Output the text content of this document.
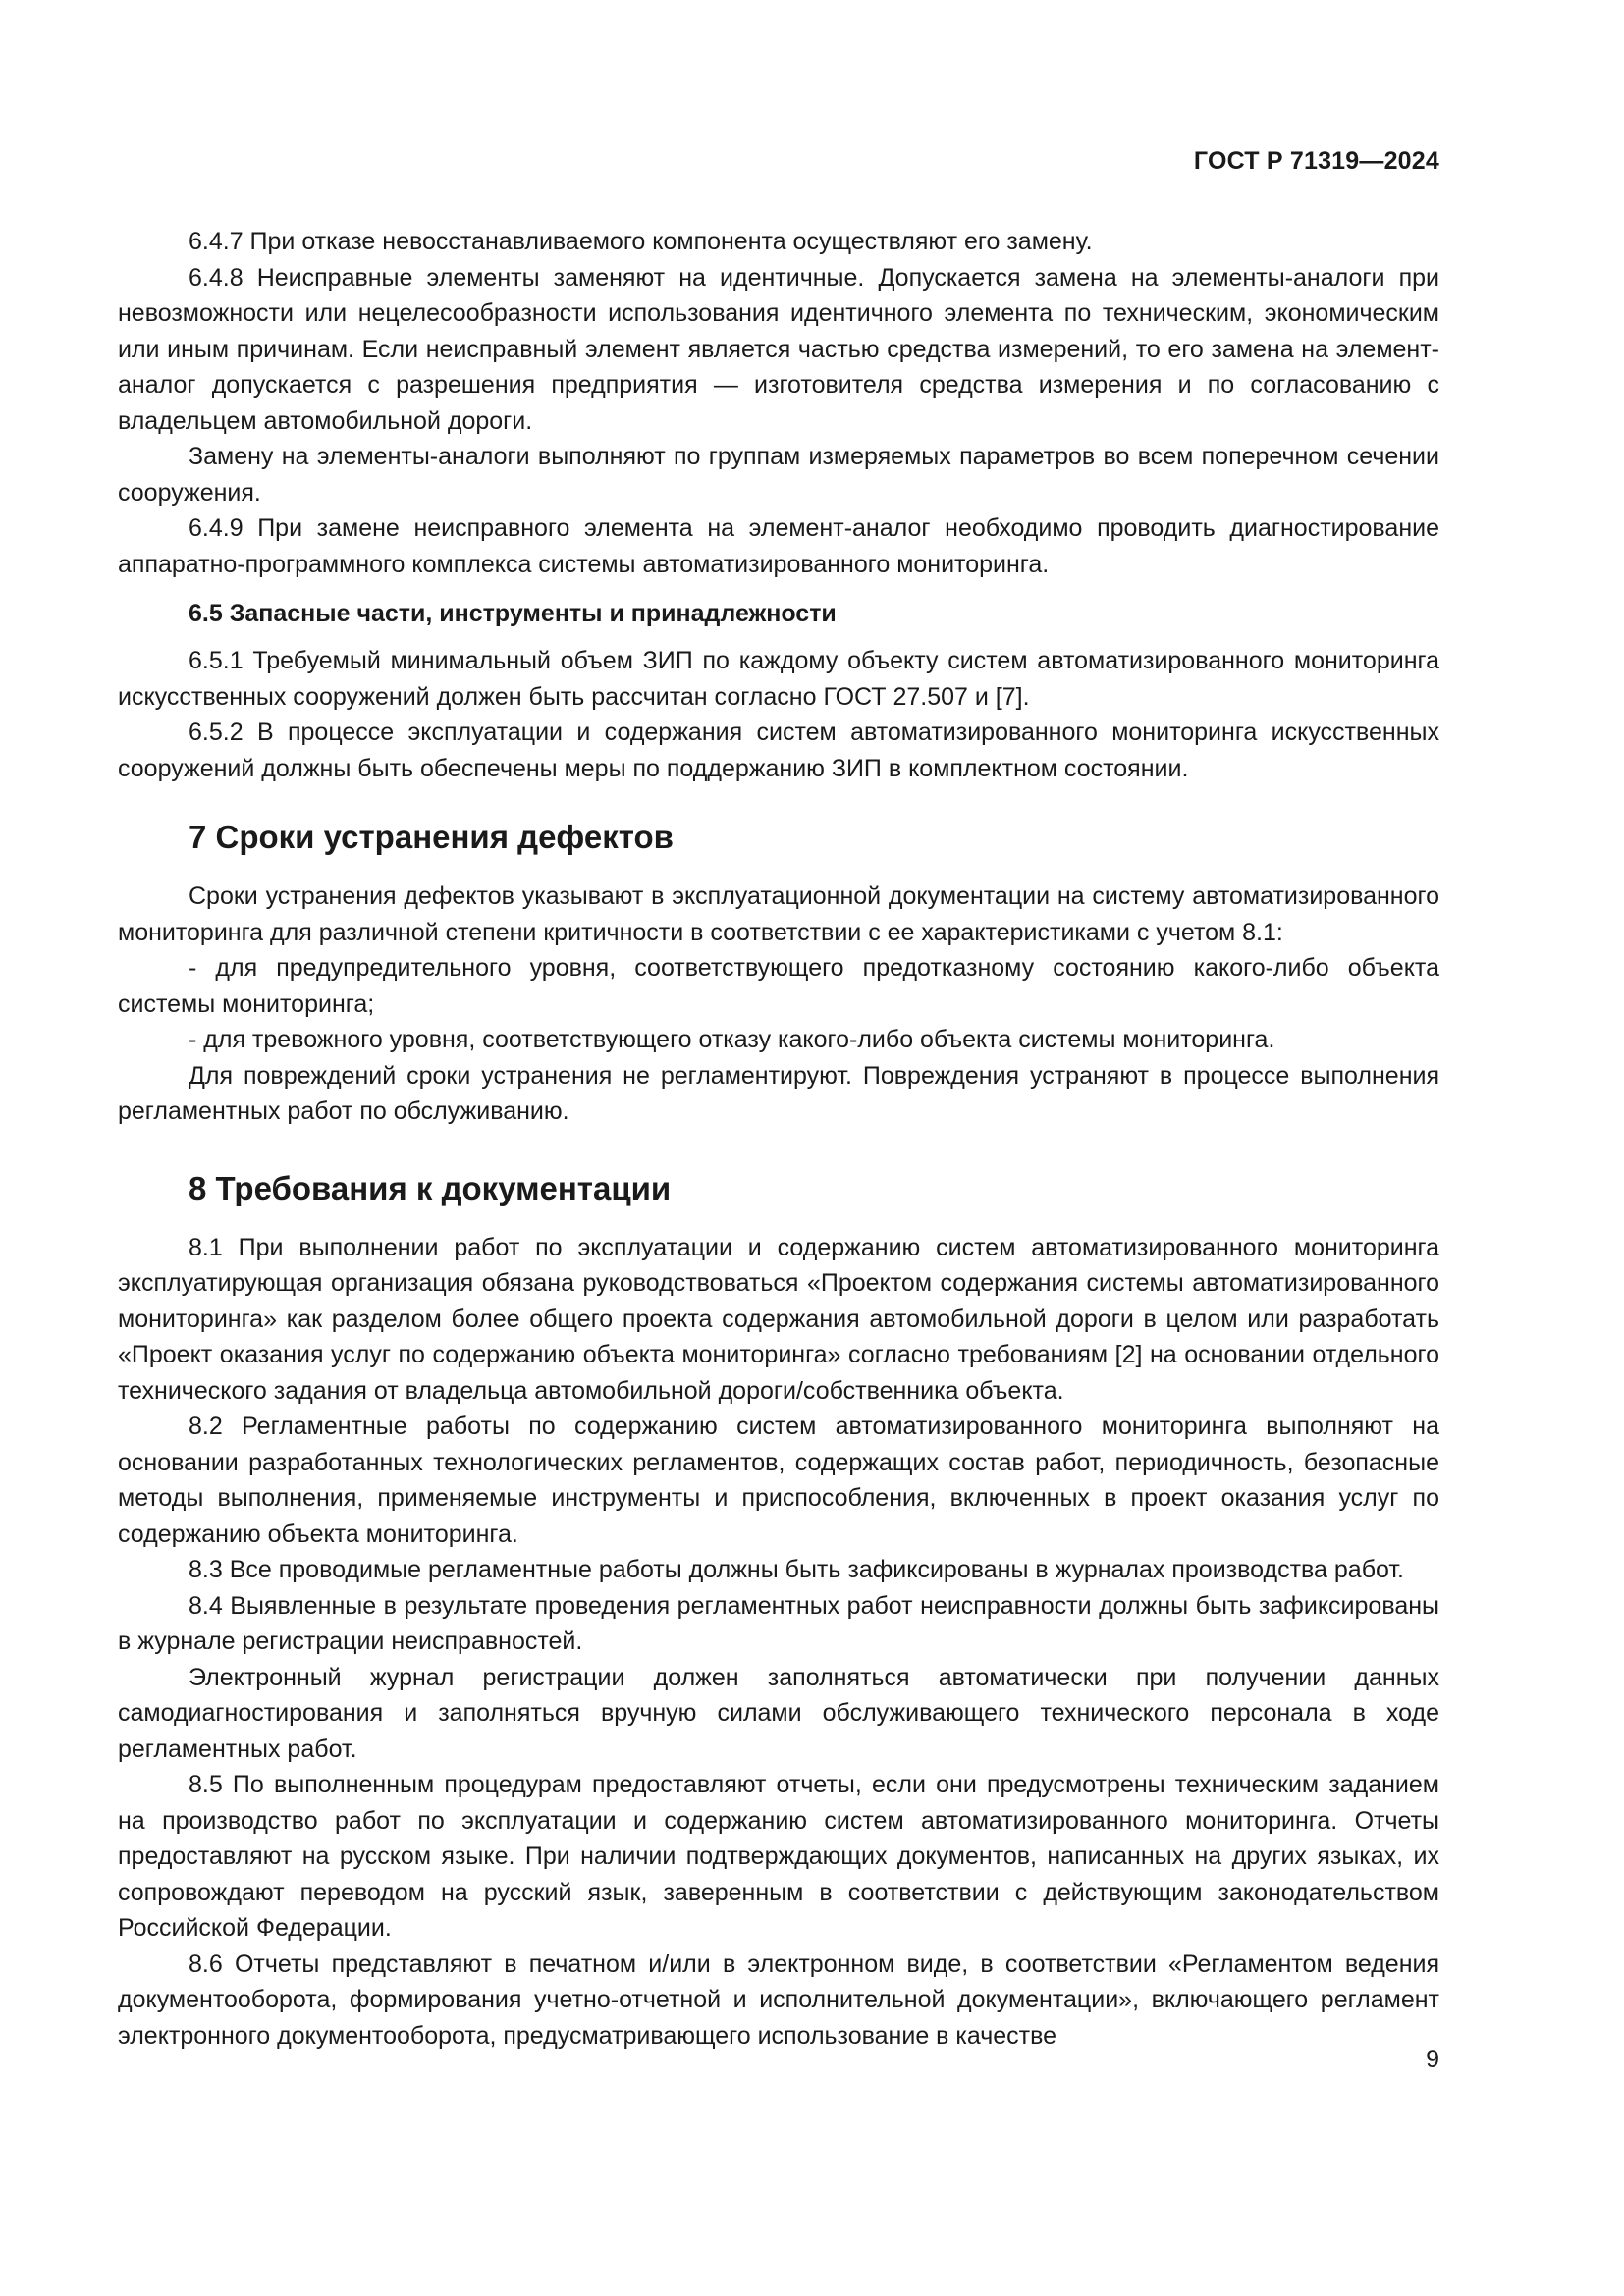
ГОСТ Р 71319—2024

6.4.7 При отказе невосстанавливаемого компонента осуществляют его замену.

6.4.8 Неисправные элементы заменяют на идентичные. Допускается замена на элементы-аналоги при невозможности или нецелесообразности использования идентичного элемента по техническим, экономическим или иным причинам. Если неисправный элемент является частью средства измерений, то его замена на элемент-аналог допускается с разрешения предприятия — изготовителя средства измерения и по согласованию с владельцем автомобильной дороги.

Замену на элементы-аналоги выполняют по группам измеряемых параметров во всем поперечном сечении сооружения.

6.4.9 При замене неисправного элемента на элемент-аналог необходимо проводить диагностирование аппаратно-программного комплекса системы автоматизированного мониторинга.

6.5 Запасные части, инструменты и принадлежности

6.5.1 Требуемый минимальный объем ЗИП по каждому объекту систем автоматизированного мониторинга искусственных сооружений должен быть рассчитан согласно ГОСТ 27.507 и [7].

6.5.2 В процессе эксплуатации и содержания систем автоматизированного мониторинга искусственных сооружений должны быть обеспечены меры по поддержанию ЗИП в комплектном состоянии.

7 Сроки устранения дефектов

Сроки устранения дефектов указывают в эксплуатационной документации на систему автоматизированного мониторинга для различной степени критичности в соответствии с ее характеристиками с учетом 8.1:

- для предупредительного уровня, соответствующего предотказному состоянию какого-либо объекта системы мониторинга;

- для тревожного уровня, соответствующего отказу какого-либо объекта системы мониторинга.

Для повреждений сроки устранения не регламентируют. Повреждения устраняют в процессе выполнения регламентных работ по обслуживанию.

8 Требования к документации

8.1 При выполнении работ по эксплуатации и содержанию систем автоматизированного мониторинга эксплуатирующая организация обязана руководствоваться «Проектом содержания системы автоматизированного мониторинга» как разделом более общего проекта содержания автомобильной дороги в целом или разработать «Проект оказания услуг по содержанию объекта мониторинга» согласно требованиям [2] на основании отдельного технического задания от владельца автомобильной дороги/собственника объекта.

8.2 Регламентные работы по содержанию систем автоматизированного мониторинга выполняют на основании разработанных технологических регламентов, содержащих состав работ, периодичность, безопасные методы выполнения, применяемые инструменты и приспособления, включенных в проект оказания услуг по содержанию объекта мониторинга.

8.3 Все проводимые регламентные работы должны быть зафиксированы в журналах производства работ.

8.4 Выявленные в результате проведения регламентных работ неисправности должны быть зафиксированы в журнале регистрации неисправностей.

Электронный журнал регистрации должен заполняться автоматически при получении данных самодиагностирования и заполняться вручную силами обслуживающего технического персонала в ходе регламентных работ.

8.5 По выполненным процедурам предоставляют отчеты, если они предусмотрены техническим заданием на производство работ по эксплуатации и содержанию систем автоматизированного мониторинга. Отчеты предоставляют на русском языке. При наличии подтверждающих документов, написанных на других языках, их сопровождают переводом на русский язык, заверенным в соответствии с действующим законодательством Российской Федерации.

8.6 Отчеты представляют в печатном и/или в электронном виде, в соответствии «Регламентом ведения документооборота, формирования учетно-отчетной и исполнительной документации», включающего регламент электронного документооборота, предусматривающего использование в качестве

9
